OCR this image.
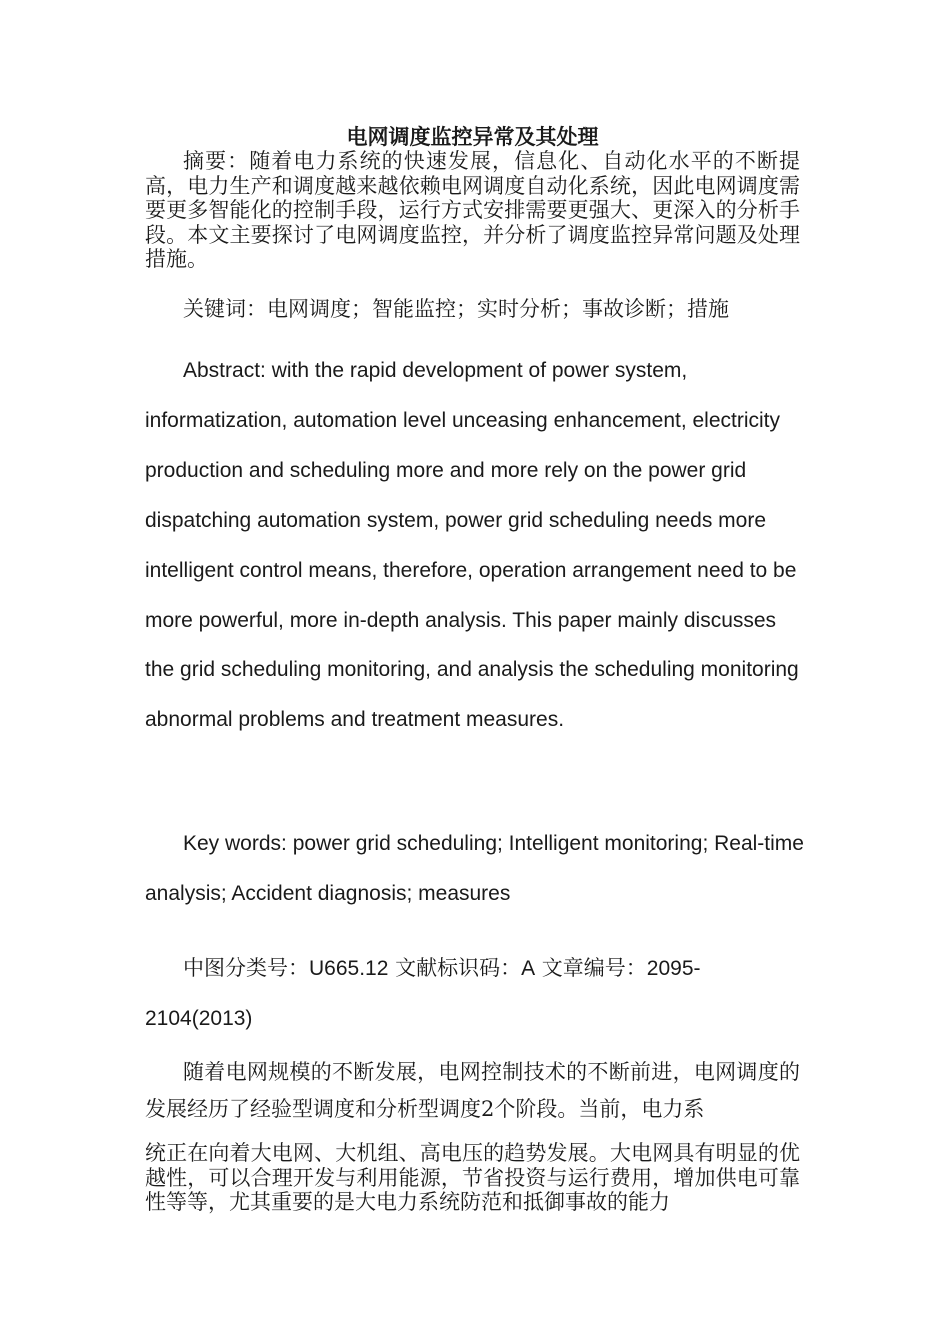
电网调度监控异常及其处理

摘要：随着电力系统的快速发展，信息化、自动化水平的不断提高，电力生产和调度越来越依赖电网调度自动化系统，因此电网调度需要更多智能化的控制手段，运行方式安排需要更强大、更深入的分析手段。本文主要探讨了电网调度监控，并分析了调度监控异常问题及处理措施。

关键词：电网调度；智能监控；实时分析；事故诊断；措施

Abstract: with the rapid development of power system, informatization, automation level unceasing enhancement, electricity production and scheduling more and more rely on the power grid dispatching automation system, power grid scheduling needs more intelligent control means, therefore, operation arrangement need to be more powerful, more in-depth analysis. This paper mainly discusses the grid scheduling monitoring, and analysis the scheduling monitoring abnormal problems and treatment measures.

Key words: power grid scheduling; Intelligent monitoring; Real-time analysis; Accident diagnosis; measures

中图分类号：U665.12 文献标识码：A 文章编号：2095-2104(2013)

随着电网规模的不断发展，电网控制技术的不断前进，电网调度的发展经历了经验型调度和分析型调度2个阶段。当前，电力系

统正在向着大电网、大机组、高电压的趋势发展。大电网具有明显的优越性，可以合理开发与利用能源，节省投资与运行费用，增加供电可靠性等等，尤其重要的是大电力系统防范和抵御事故的能力
